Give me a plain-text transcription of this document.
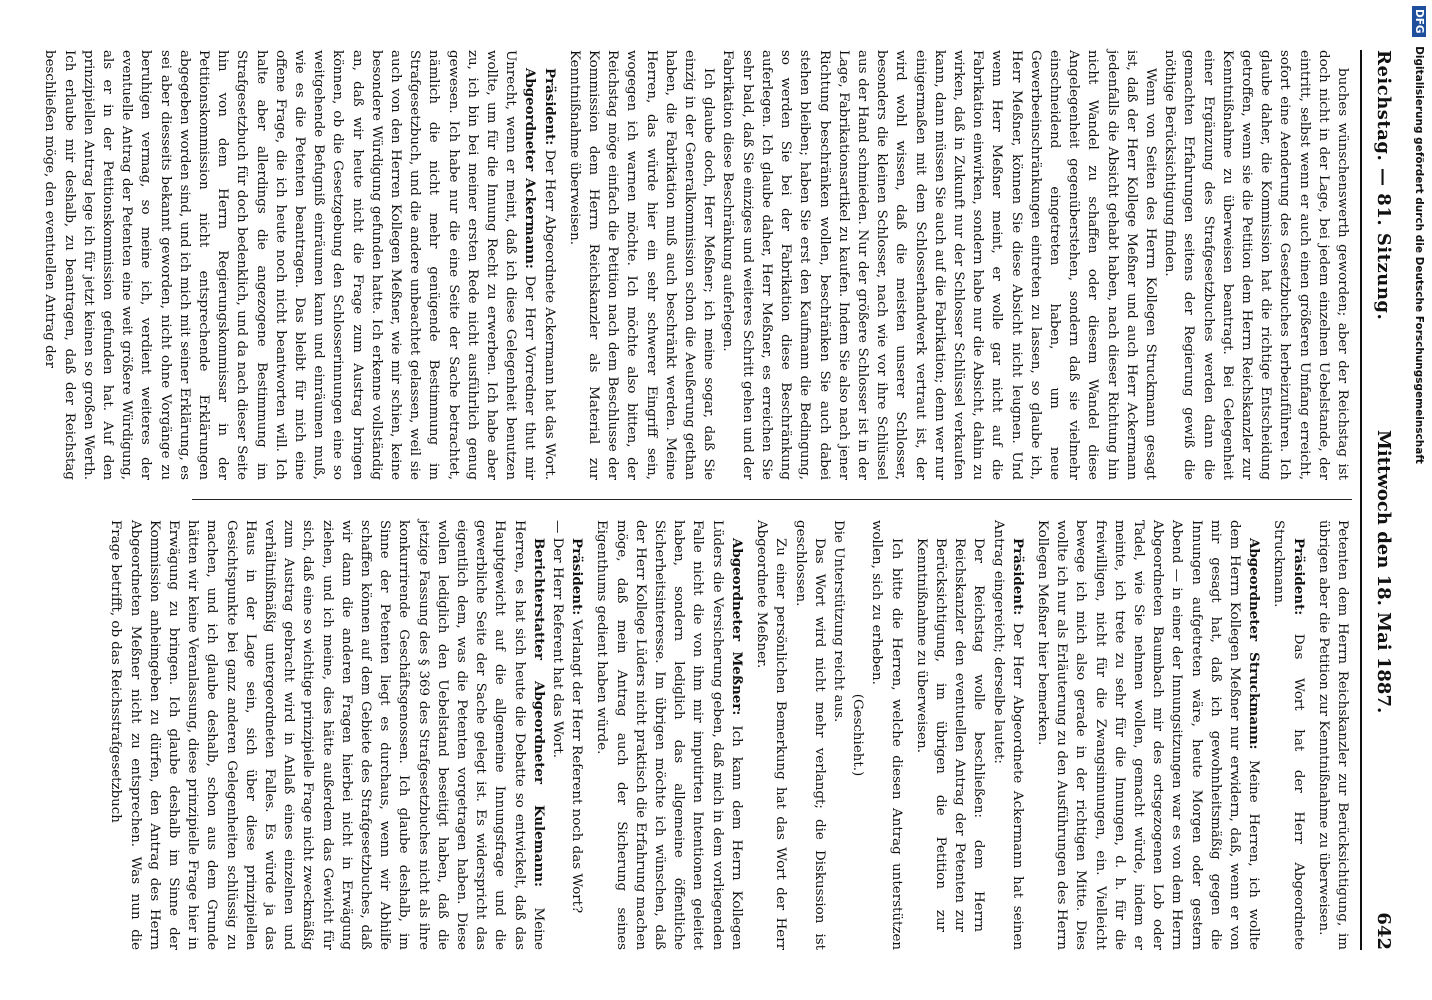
Reichstag. — 81. Sitzung.
Mittwoch den 18. Mai 1887.
642

buches wünschenswerth geworden; aber der Reichstag ist doch nicht in der Lage, bei jedem einzelnen Uebelstande, der eintritt, selbst wenn er auch einen größeren Umfang erreicht, sofort eine Aenderung des Gesetzbuches herbeizuführen. Ich glaube daher, die Kommission hat die richtige Entscheidung getroffen, wenn sie die Petition dem Herrn Reichskanzler zur Kenntnißnahme zu überweisen beantragt. Bei Gelegenheit einer Ergänzung des Strafgesetzbuches werden dann die gemachten Erfahrungen seitens der Regierung gewiß die nöthige Berücksichtigung finden.

Wenn von Seiten des Herrn Kollegen Struckmann gesagt ist, daß der Herr Kollege Meßner und auch Herr Ackermann jedenfalls die Absicht gehabt haben, nach dieser Richtung hin nicht Wandel zu schaffen oder diesem Wandel diese Angelegenheit gegenüberstehen, sondern daß sie vielmehr einschneidend eingetreten haben, um neue Gewerbeeinschränkungen eintreten zu lassen, so glaube ich, Herr Meßner, können Sie diese Absicht nicht leugnen. Und wenn Herr Meßner meint, er wolle gar nicht auf die Fabrikation einwirken, sondern habe nur die Absicht, dahin zu wirken, daß in Zukunft nur der Schlosser Schlüssel verkaufen kann, dann müssen Sie auch auf die Fabrikation; denn wer nur einigermaßen mit dem Schlosserhandwerk vertraut ist, der wird wohl wissen, daß die meisten unserer Schlosser, besonders die kleinen Schlosser, nach wie vor ihre Schlüssel aus der Hand schmieden. Nur der größere Schlosser ist in der Lage, Fabrikationsartikel zu kaufen. Indem Sie also nach jener Richtung beschränken wollen, beschränken Sie auch dabei stehen bleiben; haben Sie erst den Kaufmann die Bedingung, so werden Sie bei der Fabrikation diese Beschränkung auferlegen. Ich glaube daher, Herr Meßner, es erreichen Sie sehr bald, daß Sie einziges und weiteres Schritt gehen und der Fabrikation diese Beschränkung auferlegen.

Ich glaube doch, Herr Meßner; ich meine sogar, daß Sie einzig in der Generalkommission schon die Aeußerung gethan haben, die Fabrikation muß auch beschränkt werden. Meine Herren, das würde hier ein sehr schwerer Eingriff sein, wogegen ich warnen möchte. Ich möchte also bitten, der Reichstag möge einfach die Petition nach dem Beschlusse der Kommission dem Herrn Reichskanzler als Material zur Kenntnißnahme überweisen.

Präsident: Der Herr Abgeordnete Ackermann hat das Wort.

Abgeordneter Ackermann: Der Herr Vorredner thut mir Unrecht, wenn er meint, daß ich diese Gelegenheit benutzen wollte, um für die Innung Recht zu erwerben. Ich habe aber zu, ich bin bei meiner ersten Rede nicht ausführlich genug gewesen. Ich habe nur die eine Seite der Sache betrachtet, nämlich die nicht mehr genügende Bestimmung im Strafgesetzbuch, und die andere unbeachtet gelassen, weil sie auch von den Herren Kollegen Meßner, wie mir schien, keine besondere Würdigung gefunden hatte. Ich erkenne vollständig an, daß wir heute nicht die Frage zum Austrag bringen können, ob die Gesetzgebung den Schlosserinnungen eine so weitgehende Befugniß einräumen kann und einräumen muß, wie es die Petenten beantragen. Das bleibt für mich eine offene Frage, die ich heute noch nicht beantworten will. Ich halte aber allerdings die angezogene Bestimmung im Strafgesetzbuch für doch bedenklich, und da nach dieser Seite hin von dem Herrn Regierungskommissar in der Petitionskommission nicht entsprechende Erklärungen abgegeben worden sind, und ich mich mit seiner Erklärung, es sei aber diesseits bekannt geworden, nicht ohne Vorgänge zu beruhigen vermag, so meine ich, verdient weiteres der eventuelle Antrag der Petenten eine weit größere Würdigung, als er in der Petitionskommission gefunden hat. Auf den prinzipiellen Antrag lege ich für jetzt keinen so großen Werth. Ich erlaube mir deshalb, zu beantragen, daß der Reichstag beschließen möge, den eventuellen Antrag der

Petenten dem Herrn Reichskanzler zur Berücksichtigung, im übrigen aber die Petition zur Kenntnißnahme zu überweisen.

Präsident: Das Wort hat der Herr Abgeordnete Struckmann.

Abgeordneter Struckmann: Meine Herren, ich wollte dem Herrn Kollegen Meßner nur erwidern, daß, wenn er von mir gesagt hat, daß ich gewohnheitsmäßig gegen die Innungen aufgetreten wäre, heute Morgen oder gestern Abend — in einer der Innungsitzungen war es von dem Herrn Abgeordneten Baumbach mir des ortsgezogenen Lob oder Tadel, wie Sie nehmen wollen, gemacht würde, indem er meinte, ich trete zu sehr für die Innungen, d. h. für die freiwilligen, nicht für die Zwangsinnungen, ein. Vielleicht bewege ich mich also gerade in der richtigen Mitte. Dies wollte ich nur als Erläuterung zu den Ausführungen des Herrn Kollegen Meßner hier bemerken.

Präsident: Der Herr Abgeordnete Ackermann hat seinen Antrag eingereicht; derselbe lautet:

Der Reichstag wolle beschließen: dem Herrn Reichskanzler den eventuellen Antrag der Petenten zur Berücksichtigung, im übrigen die Petition zur Kenntnißnahme zu überweisen.

Ich bitte die Herren, welche diesen Antrag unterstützen wollen, sich zu erheben.

(Geschieht.)

Die Unterstützung reicht aus.

Das Wort wird nicht mehr verlangt; die Diskussion ist geschlossen.

Zu einer persönlichen Bemerkung hat das Wort der Herr Abgeordnete Meßner.

Abgeordneter Meßner: Ich kann dem Herrn Kollegen Lüders die Versicherung geben, daß mich in dem vorliegenden Falle nicht die von ihm mir imputirten Intentionen geleitet haben, sondern lediglich das allgemeine öffentliche Sicherheitsinteresse. Im übrigen möchte ich wünschen, daß der Herr Kollege Lüders nicht praktisch die Erfahrung machen möge, daß mein Antrag auch der Sicherung seines Eigenthums gedient haben würde.

Präsident: Verlangt der Herr Referent noch das Wort?

— Der Herr Referent hat das Wort.

Berichterstatter Abgeordneter Kulemann: Meine Herren, es hat sich heute die Debatte so entwickelt, daß das Hauptgewicht auf die allgemeine Innungsfrage und die gewerbliche Seite der Sache gelegt ist. Es widerspricht das eigentlich dem, was die Petenten vorgetragen haben. Diese wollen lediglich den Uebelstand beseitigt haben, daß die jetzige Fassung des § 369 des Strafgesetzbuches nicht als ihre konkurrirende Geschäftsgenossen. Ich glaube deshalb, im Sinne der Petenten liegt es durchaus, wenn wir Abhilfe schaffen können auf dem Gebiete des Strafgesetzbuches, daß wir dann die anderen Fragen hierbei nicht in Erwägung ziehen, und ich meine, dies hätte außerdem das Gewicht für sich, daß eine so wichtige prinzipielle Frage nicht zweckmäßig zum Austrag gebracht wird in Anlaß eines einzelnen und verhältnißmäßig untergeordneten Falles. Es würde ja das Haus in der Lage sein, sich über diese prinzipiellen Gesichtspunkte bei ganz anderen Gelegenheiten schlüssig zu machen, und ich glaube deshalb, schon aus dem Grunde hätten wir keine Veranlassung, diese prinzipielle Frage hier in Erwägung zu bringen. Ich glaube deshalb im Sinne der Kommission anheimgeben zu dürfen, den Antrag des Herrn Abgeordneten Meßner nicht zu entsprechen. Was nun die Frage betrifft, ob das Reichsstrafgesetzbuch

DFG Digitalisierung gefördert durch die Deutsche Forschungsgemeinschaft
